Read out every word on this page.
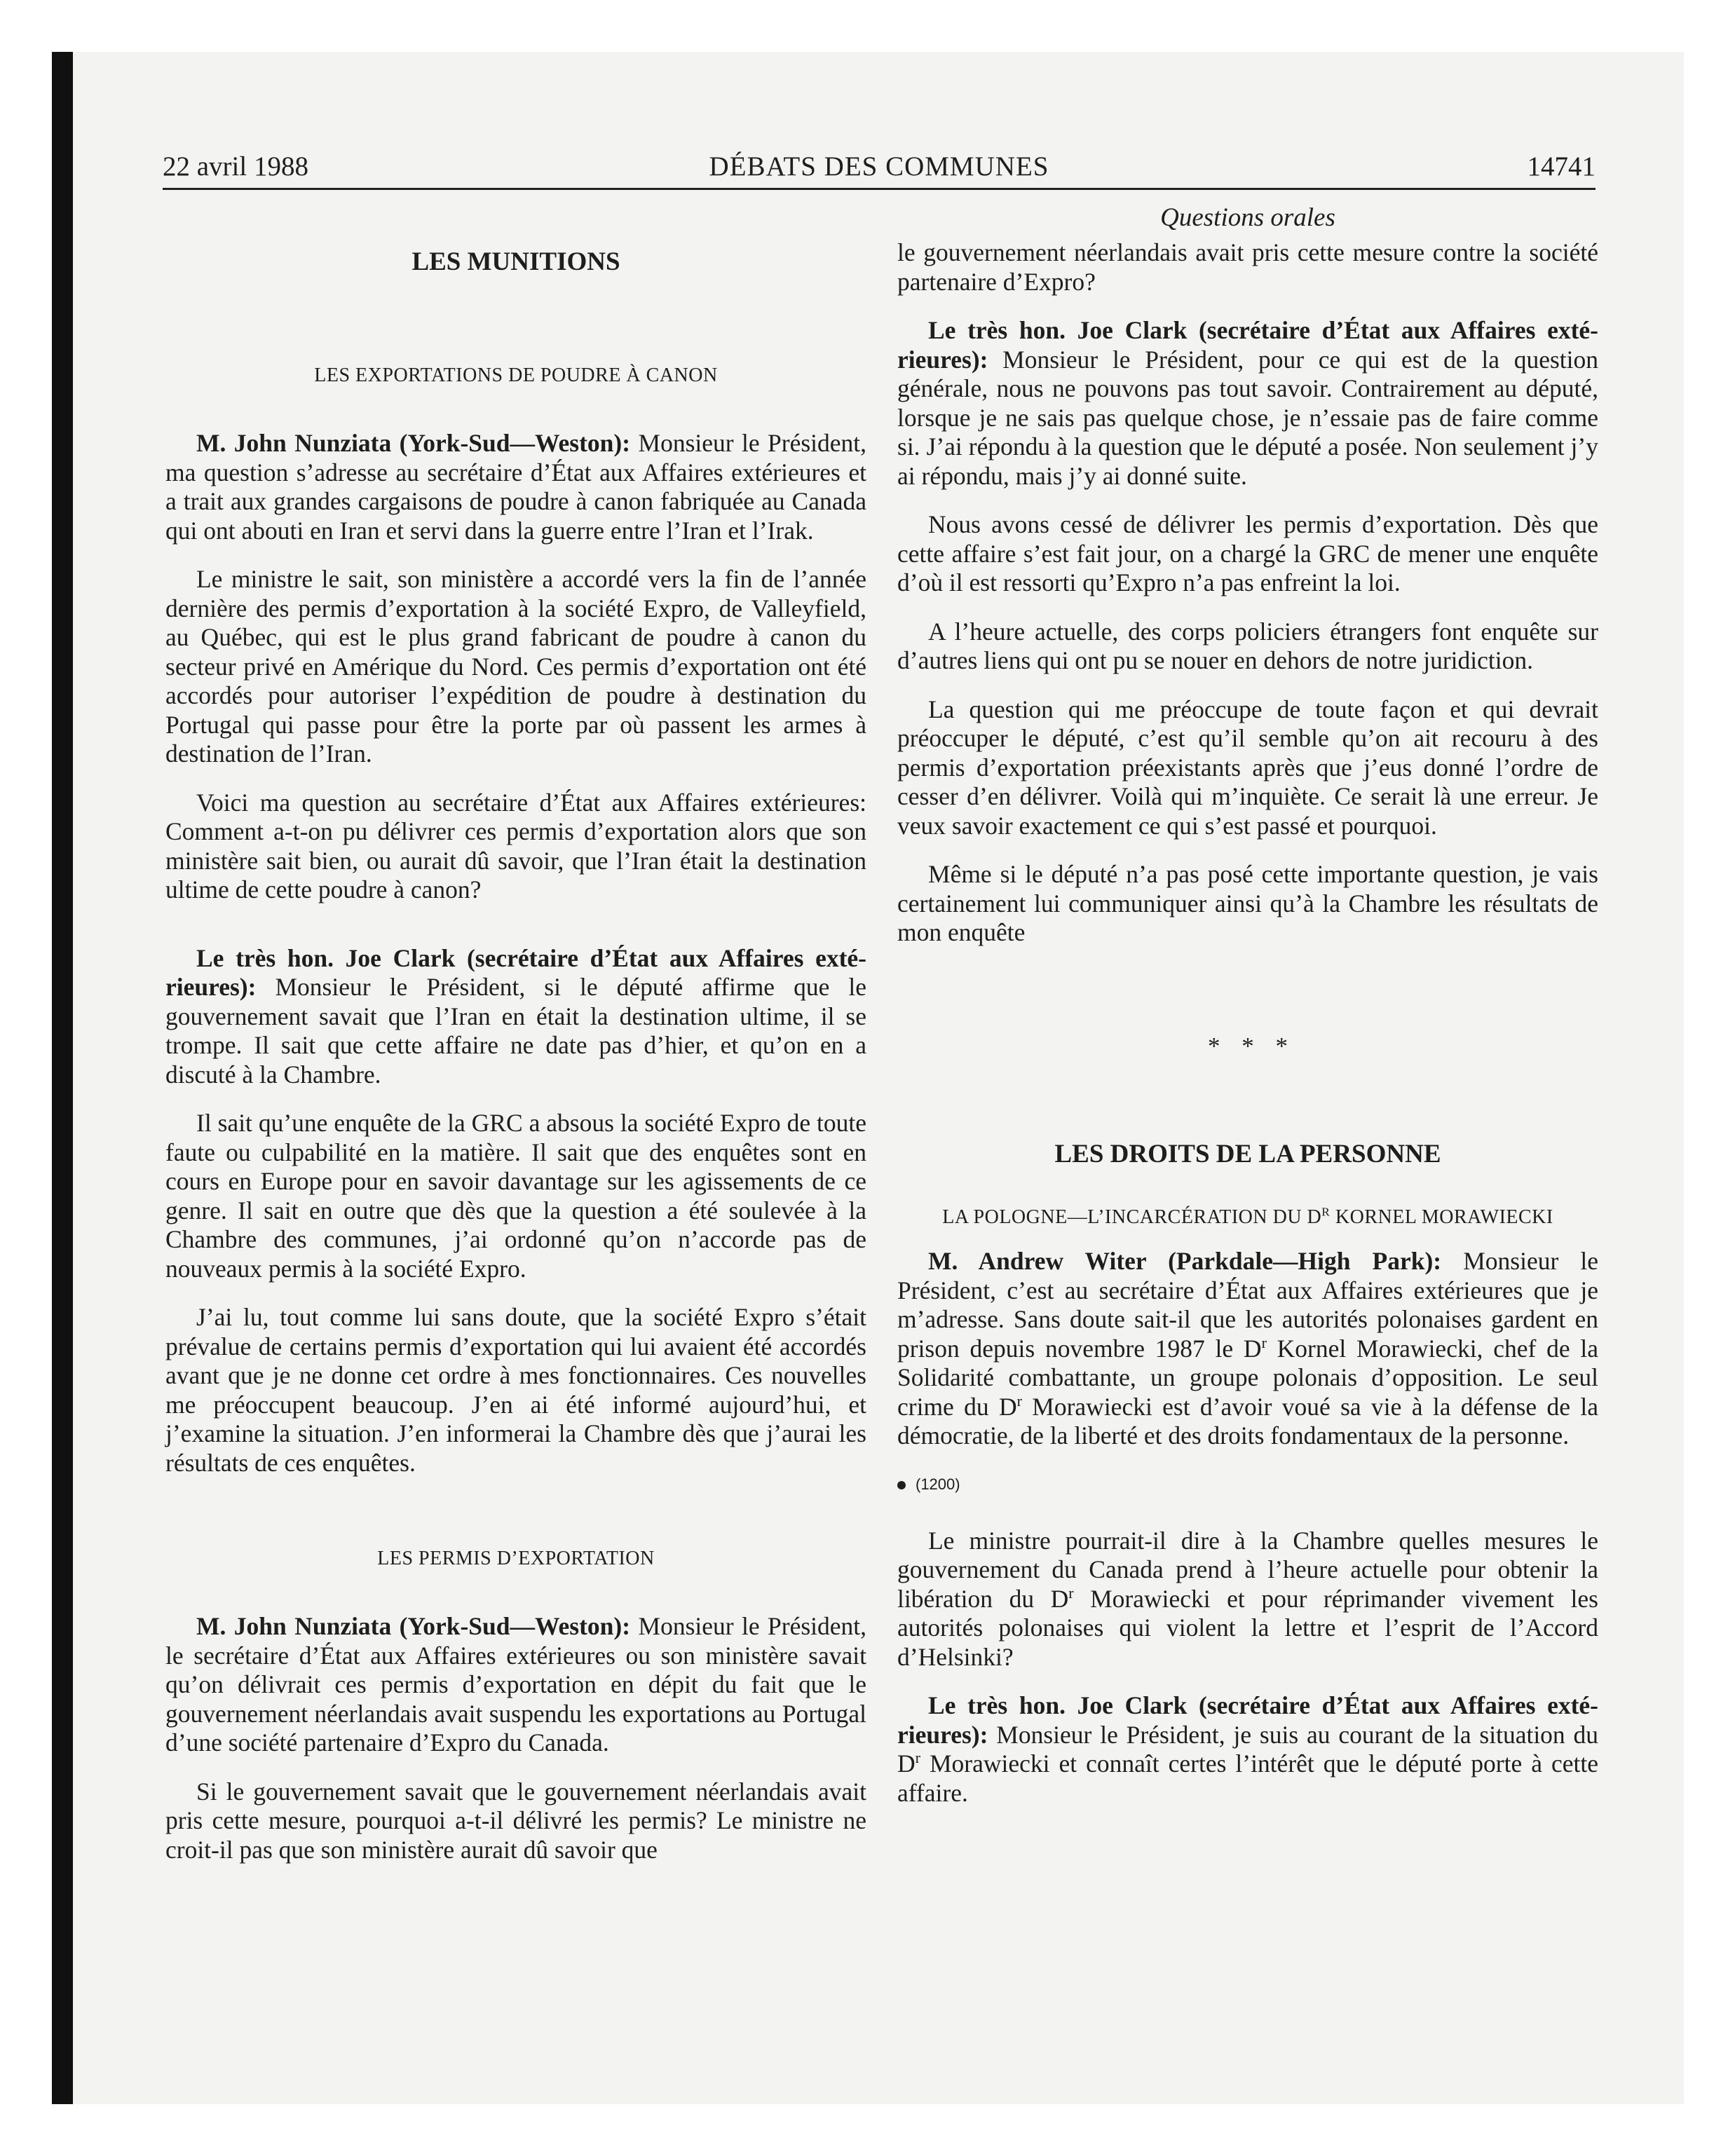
22 avril 1988	DÉBATS DES COMMUNES	14741
Questions orales
LES MUNITIONS
LES EXPORTATIONS DE POUDRE À CANON

M. John Nunziata (York-Sud—Weston): Monsieur le Président, ma question s’adresse au secrétaire d’État aux Affaires extérieures et a trait aux grandes cargaisons de poudre à canon fabriquée au Canada qui ont abouti en Iran et servi dans la guerre entre l’Iran et l’Irak.

Le ministre le sait, son ministère a accordé vers la fin de l’année dernière des permis d’exportation à la société Expro, de Valleyfield, au Québec, qui est le plus grand fabricant de poudre à canon du secteur privé en Amérique du Nord. Ces permis d’exportation ont été accordés pour autoriser l’expédition de poudre à destination du Portugal qui passe pour être la porte par où passent les armes à destination de l’Iran.

Voici ma question au secrétaire d’État aux Affaires extérieures: Comment a-t-on pu délivrer ces permis d’exportation alors que son ministère sait bien, ou aurait dû savoir, que l’Iran était la destination ultime de cette poudre à canon?

Le très hon. Joe Clark (secrétaire d’État aux Affaires extérieures): Monsieur le Président, si le député affirme que le gouvernement savait que l’Iran en était la destination ultime, il se trompe. Il sait que cette affaire ne date pas d’hier, et qu’on en a discuté à la Chambre.

Il sait qu’une enquête de la GRC a absous la société Expro de toute faute ou culpabilité en la matière. Il sait que des enquêtes sont en cours en Europe pour en savoir davantage sur les agissements de ce genre. Il sait en outre que dès que la question a été soulevée à la Chambre des communes, j’ai ordonné qu’on n’accorde pas de nouveaux permis à la société Expro.

J’ai lu, tout comme lui sans doute, que la société Expro s’était prévalue de certains permis d’exportation qui lui avaient été accordés avant que je ne donne cet ordre à mes fonctionnaires. Ces nouvelles me préoccupent beaucoup. J’en ai été informé aujourd’hui, et j’examine la situation. J’en informerai la Chambre dès que j’aurai les résultats de ces enquêtes.

LES PERMIS D’EXPORTATION

M. John Nunziata (York-Sud—Weston): Monsieur le Président, le secrétaire d’État aux Affaires extérieures ou son ministère savait qu’on délivrait ces permis d’exportation en dépit du fait que le gouvernement néerlandais avait suspendu les exportations au Portugal d’une société partenaire d’Expro du Canada.

Si le gouvernement savait que le gouvernement néerlandais avait pris cette mesure, pourquoi a-t-il délivré les permis? Le ministre ne croit-il pas que son ministère aurait dû savoir que

le gouvernement néerlandais avait pris cette mesure contre la société partenaire d’Expro?

Le très hon. Joe Clark (secrétaire d’État aux Affaires extérieures): Monsieur le Président, pour ce qui est de la question générale, nous ne pouvons pas tout savoir. Contrairement au député, lorsque je ne sais pas quelque chose, je n’essaie pas de faire comme si. J’ai répondu à la question que le député a posée. Non seulement j’y ai répondu, mais j’y ai donné suite.

Nous avons cessé de délivrer les permis d’exportation. Dès que cette affaire s’est fait jour, on a chargé la GRC de mener une enquête d’où il est ressorti qu’Expro n’a pas enfreint la loi.

A l’heure actuelle, des corps policiers étrangers font enquête sur d’autres liens qui ont pu se nouer en dehors de notre juridiction.

La question qui me préoccupe de toute façon et qui devrait préoccuper le député, c’est qu’il semble qu’on ait recouru à des permis d’exportation préexistants après que j’eus donné l’ordre de cesser d’en délivrer. Voilà qui m’inquiète. Ce serait là une erreur. Je veux savoir exactement ce qui s’est passé et pourquoi.

Même si le député n’a pas posé cette importante question, je vais certainement lui communiquer ainsi qu’à la Chambre les résultats de mon enquête

* * *
LES DROITS DE LA PERSONNE
LA POLOGNE—L’INCARCÉRATION DU $D^R$ KORNEL MORAWIECKI

M. Andrew Witer (Parkdale—High Park): Monsieur le Président, c’est au secrétaire d’État aux Affaires extérieures que je m’adresse. Sans doute sait-il que les autorités polonaises gardent en prison depuis novembre 1987 le $D^r$ Kornel Morawiecki, chef de la Solidarité combattante, un groupe polonais d’opposition. Le seul crime du $D^r$ Morawiecki est d’avoir voué sa vie à la défense de la démocratie, de la liberté et des droits fondamentaux de la personne.

(1200)

Le ministre pourrait-il dire à la Chambre quelles mesures le gouvernement du Canada prend à l’heure actuelle pour obtenir la libération du $D^r$ Morawiecki et pour réprimander vivement les autorités polonaises qui violent la lettre et l’esprit de l’Accord d’Helsinki?

Le très hon. Joe Clark (secrétaire d’État aux Affaires extérieures): Monsieur le Président, je suis au courant de la situation du $D^r$ Morawiecki et connaît certes l’intérêt que le député porte à cette affaire.
